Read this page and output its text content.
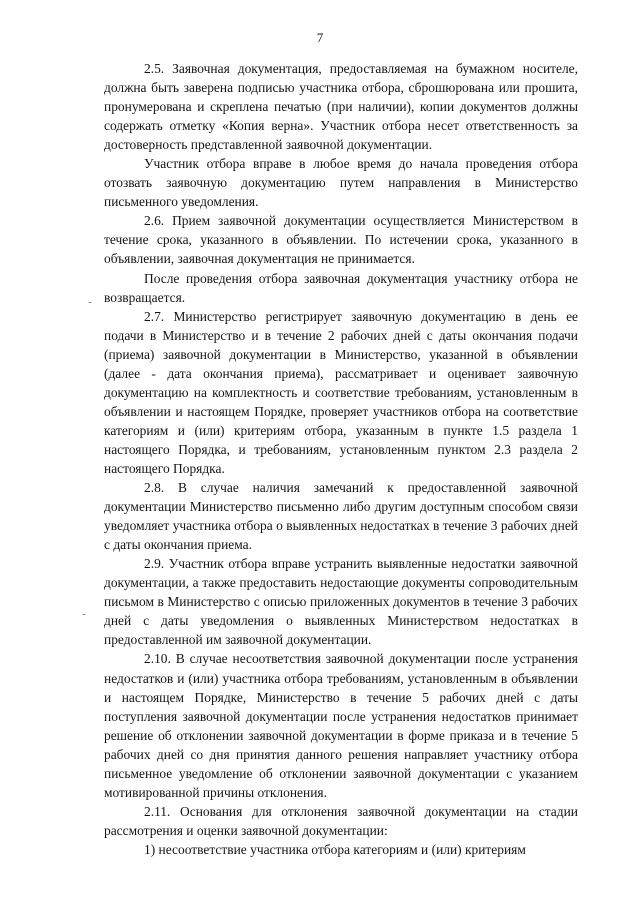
7
-
-

2.5. Заявочная документация, предоставляемая на бумажном носителе, должна быть заверена подписью участника отбора, сброшюрована или прошита, пронумерована и скреплена печатью (при наличии), копии документов должны содержать отметку «Копия верна». Участник отбора несет ответственность за достоверность представленной заявочной документации.

Участник отбора вправе в любое время до начала проведения отбора отозвать заявочную документацию путем направления в Министерство письменного уведомления.

2.6. Прием заявочной документации осуществляется Министерством в течение срока, указанного в объявлении. По истечении срока, указанного в объявлении, заявочная документация не принимается.

После проведения отбора заявочная документация участнику отбора не возвращается.

2.7. Министерство регистрирует заявочную документацию в день ее подачи в Министерство и в течение 2 рабочих дней с даты окончания подачи (приема) заявочной документации в Министерство, указанной в объявлении (далее - дата окончания приема), рассматривает и оценивает заявочную документацию на комплектность и соответствие требованиям, установленным в объявлении и настоящем Порядке, проверяет участников отбора на соответствие категориям и (или) критериям отбора, указанным в пункте 1.5 раздела 1 настоящего Порядка, и требованиям, установленным пунктом 2.3 раздела 2 настоящего Порядка.

2.8. В случае наличия замечаний к предоставленной заявочной документации Министерство письменно либо другим доступным способом связи уведомляет участника отбора о выявленных недостатках в течение 3 рабочих дней с даты окончания приема.

2.9. Участник отбора вправе устранить выявленные недостатки заявочной документации, а также предоставить недостающие документы сопроводительным письмом в Министерство с описью приложенных документов в течение 3 рабочих дней с даты уведомления о выявленных Министерством недостатках в предоставленной им заявочной документации.

2.10. В случае несоответствия заявочной документации после устранения недостатков и (или) участника отбора требованиям, установленным в объявлении и настоящем Порядке, Министерство в течение 5 рабочих дней с даты поступления заявочной документации после устранения недостатков принимает решение об отклонении заявочной документации в форме приказа и в течение 5 рабочих дней со дня принятия данного решения направляет участнику отбора письменное уведомление об отклонении заявочной документации с указанием мотивированной причины отклонения.

2.11. Основания для отклонения заявочной документации на стадии рассмотрения и оценки заявочной документации:

1) несоответствие участника отбора категориям и (или) критериям
